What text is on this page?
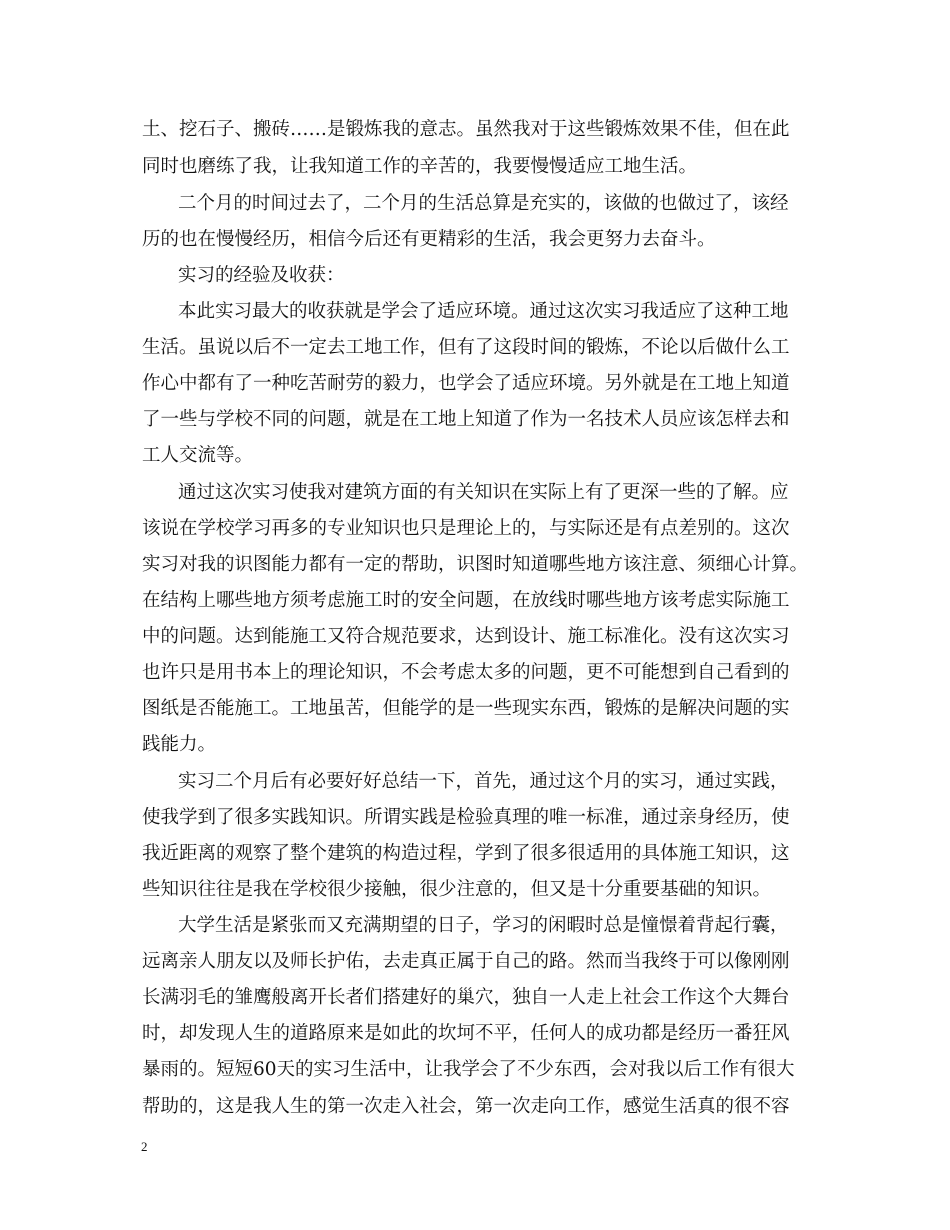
土、挖石子、搬砖……是锻炼我的意志。虽然我对于这些锻炼效果不佳，但在此
同时也磨练了我，让我知道工作的辛苦的，我要慢慢适应工地生活。
二个月的时间过去了，二个月的生活总算是充实的，该做的也做过了，该经
历的也在慢慢经历，相信今后还有更精彩的生活，我会更努力去奋斗。
实习的经验及收获：
本此实习最大的收获就是学会了适应环境。通过这次实习我适应了这种工地
生活。虽说以后不一定去工地工作，但有了这段时间的锻炼，不论以后做什么工
作心中都有了一种吃苦耐劳的毅力，也学会了适应环境。另外就是在工地上知道
了一些与学校不同的问题，就是在工地上知道了作为一名技术人员应该怎样去和
工人交流等。
通过这次实习使我对建筑方面的有关知识在实际上有了更深一些的了解。应
该说在学校学习再多的专业知识也只是理论上的，与实际还是有点差别的。这次
实习对我的识图能力都有一定的帮助，识图时知道哪些地方该注意、须细心计算。
在结构上哪些地方须考虑施工时的安全问题，在放线时哪些地方该考虑实际施工
中的问题。达到能施工又符合规范要求，达到设计、施工标准化。没有这次实习
也许只是用书本上的理论知识，不会考虑太多的问题，更不可能想到自己看到的
图纸是否能施工。工地虽苦，但能学的是一些现实东西，锻炼的是解决问题的实
践能力。
实习二个月后有必要好好总结一下，首先，通过这个月的实习，通过实践，
使我学到了很多实践知识。所谓实践是检验真理的唯一标准，通过亲身经历，使
我近距离的观察了整个建筑的构造过程，学到了很多很适用的具体施工知识，这
些知识往往是我在学校很少接触，很少注意的，但又是十分重要基础的知识。
大学生活是紧张而又充满期望的日子，学习的闲暇时总是憧憬着背起行囊，
远离亲人朋友以及师长护佑，去走真正属于自己的路。然而当我终于可以像刚刚
长满羽毛的雏鹰般离开长者们搭建好的巢穴，独自一人走上社会工作这个大舞台
时，却发现人生的道路原来是如此的坎坷不平，任何人的成功都是经历一番狂风
暴雨的。短短60天的实习生活中，让我学会了不少东西，会对我以后工作有很大
帮助的，这是我人生的第一次走入社会，第一次走向工作，感觉生活真的很不容
2
